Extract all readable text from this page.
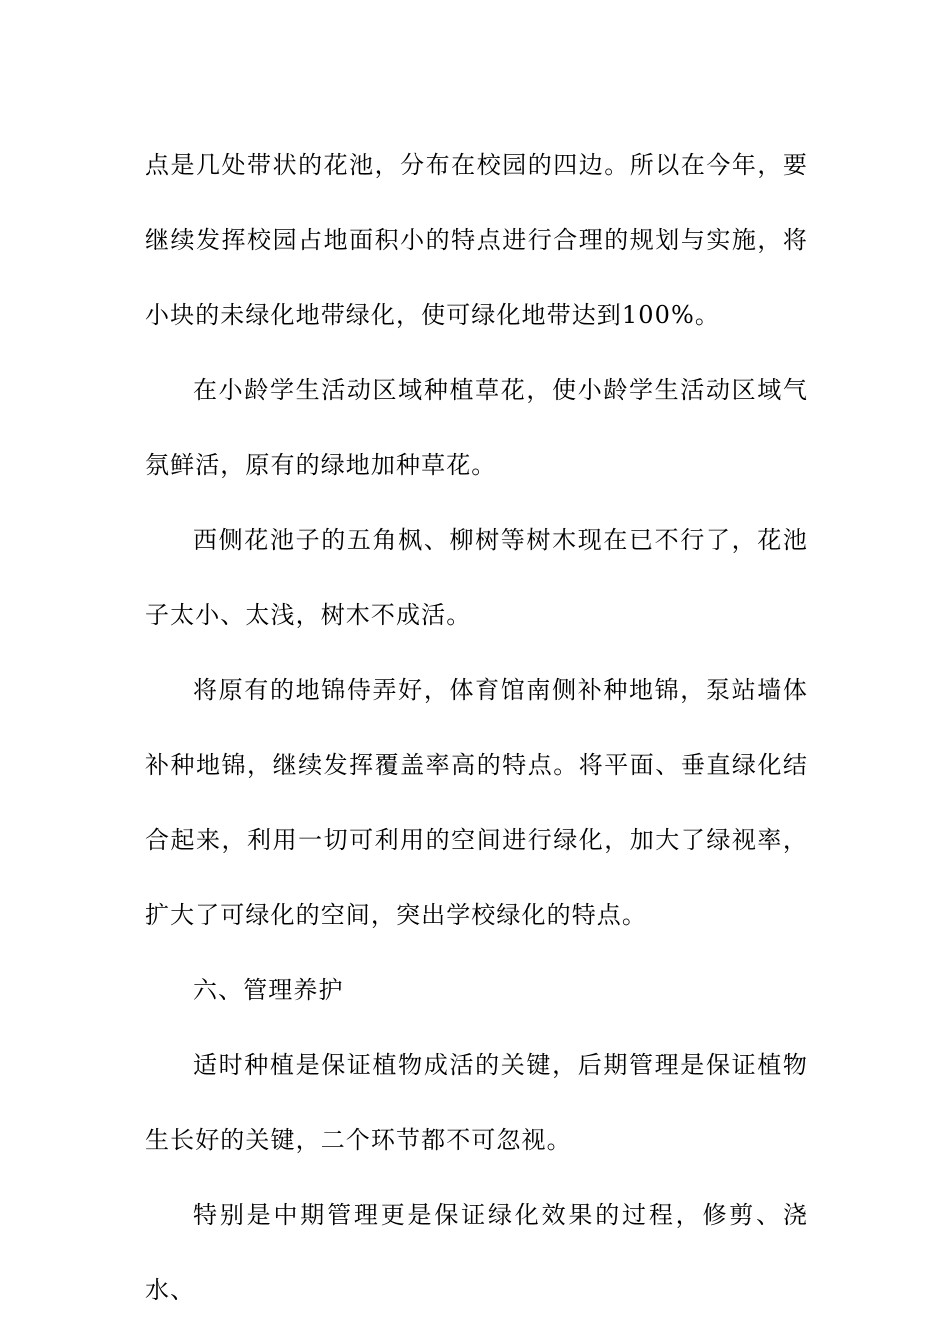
点是几处带状的花池，分布在校园的四边。所以在今年，要继续发挥校园占地面积小的特点进行合理的规划与实施，将小块的未绿化地带绿化，使可绿化地带达到100%。

在小龄学生活动区域种植草花，使小龄学生活动区域气氛鲜活，原有的绿地加种草花。

西侧花池子的五角枫、柳树等树木现在已不行了，花池子太小、太浅，树木不成活。

将原有的地锦侍弄好，体育馆南侧补种地锦，泵站墙体补种地锦，继续发挥覆盖率高的特点。将平面、垂直绿化结合起来，利用一切可利用的空间进行绿化，加大了绿视率，扩大了可绿化的空间，突出学校绿化的特点。

六、管理养护

适时种植是保证植物成活的关键，后期管理是保证植物生长好的关键，二个环节都不可忽视。

特别是中期管理更是保证绿化效果的过程，修剪、浇水、
